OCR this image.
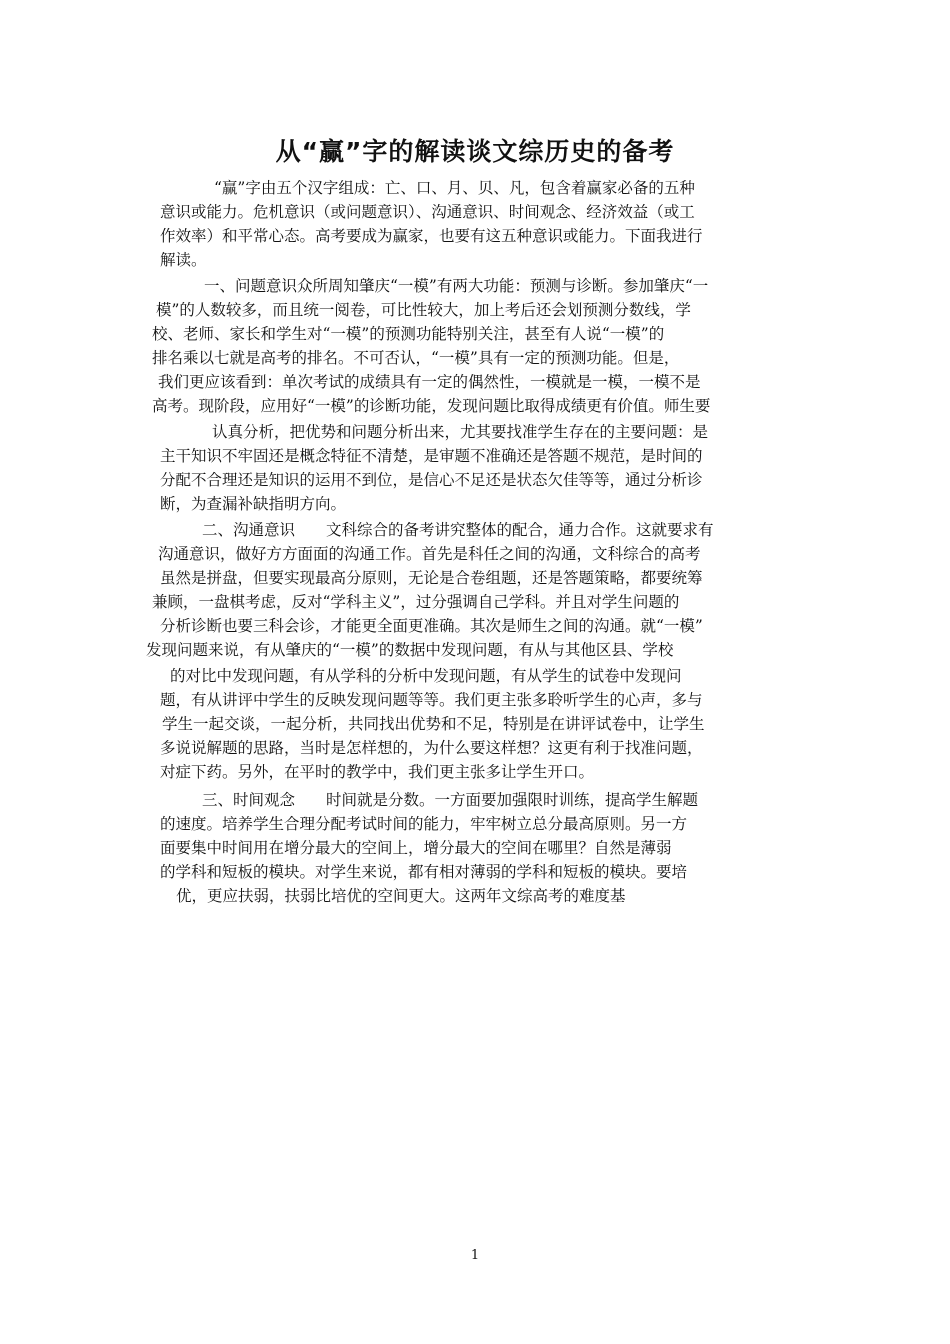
从“赢”字的解读谈文综历史的备考
“赢”字由五个汉字组成：亡、口、月、贝、凡，包含着赢家必备的五种
意识或能力。危机意识（或问题意识）、沟通意识、时间观念、经济效益（或工
作效率）和平常心态。高考要成为赢家，也要有这五种意识或能力。下面我进行
解读。
一、问题意识众所周知肇庆“一模”有两大功能：预测与诊断。参加肇庆“一
模”的人数较多，而且统一阅卷，可比性较大，加上考后还会划预测分数线，学
校、老师、家长和学生对“一模”的预测功能特别关注，甚至有人说“一模”的
排名乘以七就是高考的排名。不可否认，“一模”具有一定的预测功能。但是，
我们更应该看到：单次考试的成绩具有一定的偶然性，一模就是一模，一模不是
高考。现阶段，应用好“一模”的诊断功能，发现问题比取得成绩更有价值。师生要
认真分析，把优势和问题分析出来，尤其要找准学生存在的主要问题：是
主干知识不牢固还是概念特征不清楚，是审题不准确还是答题不规范，是时间的
分配不合理还是知识的运用不到位，是信心不足还是状态欠佳等等，通过分析诊
断，为查漏补缺指明方向。
二、沟通意识　　文科综合的备考讲究整体的配合，通力合作。这就要求有
沟通意识，做好方方面面的沟通工作。首先是科任之间的沟通，文科综合的高考
虽然是拼盘，但要实现最高分原则，无论是合卷组题，还是答题策略，都要统筹
兼顾，一盘棋考虑，反对“学科主义”，过分强调自己学科。并且对学生问题的
分析诊断也要三科会诊，才能更全面更准确。其次是师生之间的沟通。就“一模”
发现问题来说，有从肇庆的“一模”的数据中发现问题，有从与其他区县、学校
的对比中发现问题，有从学科的分析中发现问题，有从学生的试卷中发现问
题，有从讲评中学生的反映发现问题等等。我们更主张多聆听学生的心声，多与
学生一起交谈，一起分析，共同找出优势和不足，特别是在讲评试卷中，让学生
多说说解题的思路，当时是怎样想的，为什么要这样想？这更有利于找准问题，
对症下药。另外，在平时的教学中，我们更主张多让学生开口。
三、时间观念　　时间就是分数。一方面要加强限时训练，提高学生解题
的速度。培养学生合理分配考试时间的能力，牢牢树立总分最高原则。另一方
面要集中时间用在增分最大的空间上，增分最大的空间在哪里？自然是薄弱
的学科和短板的模块。对学生来说，都有相对薄弱的学科和短板的模块。要培
优，更应扶弱，扶弱比培优的空间更大。这两年文综高考的难度基
1
